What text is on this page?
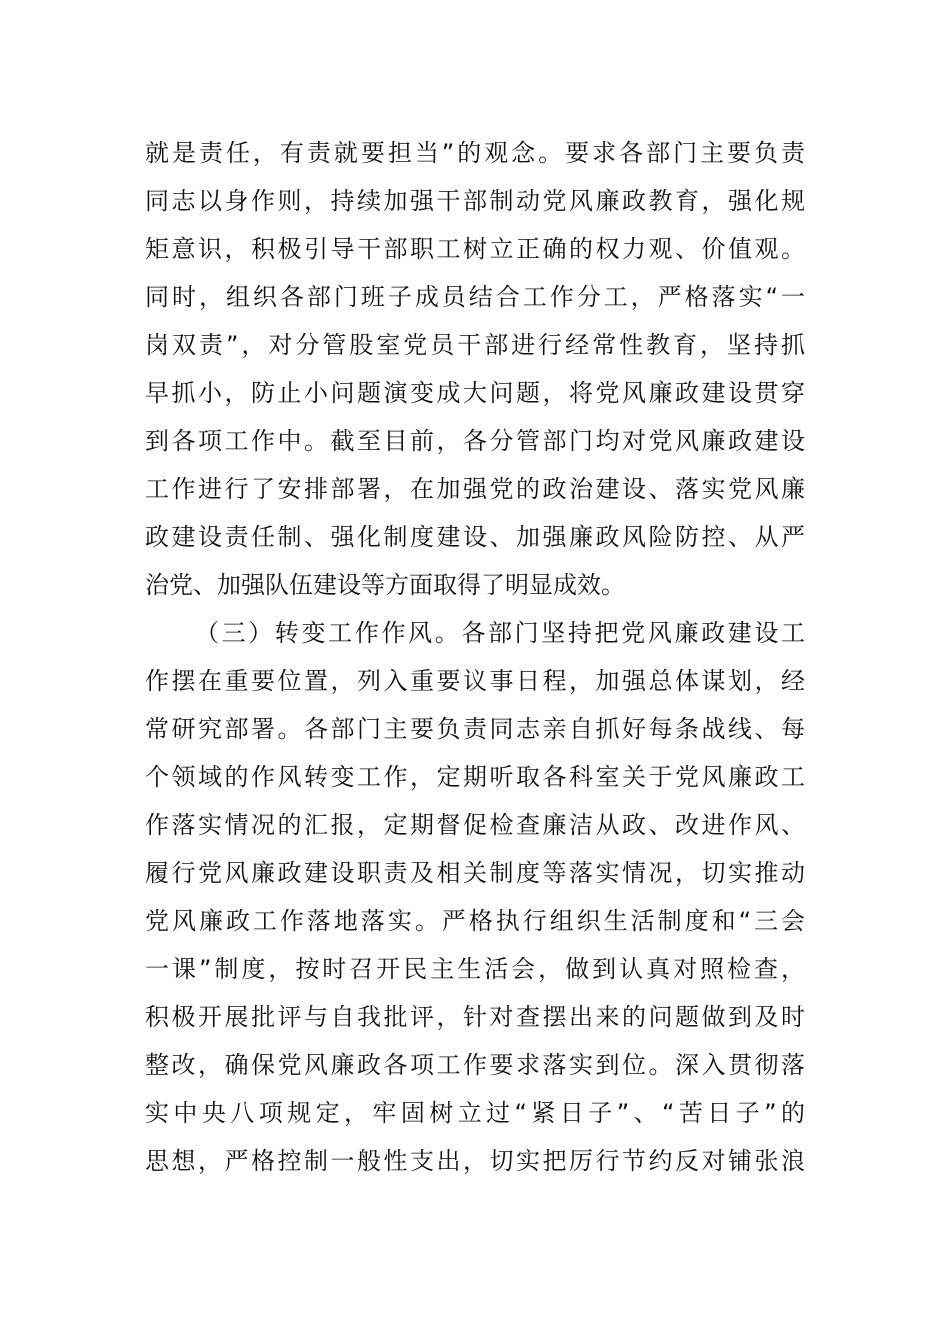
就是责任，有责就要担当”的观念。要求各部门主要负责
同志以身作则，持续加强干部制动党风廉政教育，强化规
矩意识，积极引导干部职工树立正确的权力观、价值观。
同时，组织各部门班子成员结合工作分工，严格落实“一
岗双责”，对分管股室党员干部进行经常性教育，坚持抓
早抓小，防止小问题演变成大问题，将党风廉政建设贯穿
到各项工作中。截至目前，各分管部门均对党风廉政建设
工作进行了安排部署，在加强党的政治建设、落实党风廉
政建设责任制、强化制度建设、加强廉政风险防控、从严
治党、加强队伍建设等方面取得了明显成效。
（三）转变工作作风。各部门坚持把党风廉政建设工
作摆在重要位置，列入重要议事日程，加强总体谋划，经
常研究部署。各部门主要负责同志亲自抓好每条战线、每
个领域的作风转变工作，定期听取各科室关于党风廉政工
作落实情况的汇报，定期督促检查廉洁从政、改进作风、
履行党风廉政建设职责及相关制度等落实情况，切实推动
党风廉政工作落地落实。严格执行组织生活制度和“三会
一课”制度，按时召开民主生活会，做到认真对照检查，
积极开展批评与自我批评，针对查摆出来的问题做到及时
整改，确保党风廉政各项工作要求落实到位。深入贯彻落
实中央八项规定，牢固树立过“紧日子”、“苦日子”的
思想，严格控制一般性支出，切实把厉行节约反对铺张浪
